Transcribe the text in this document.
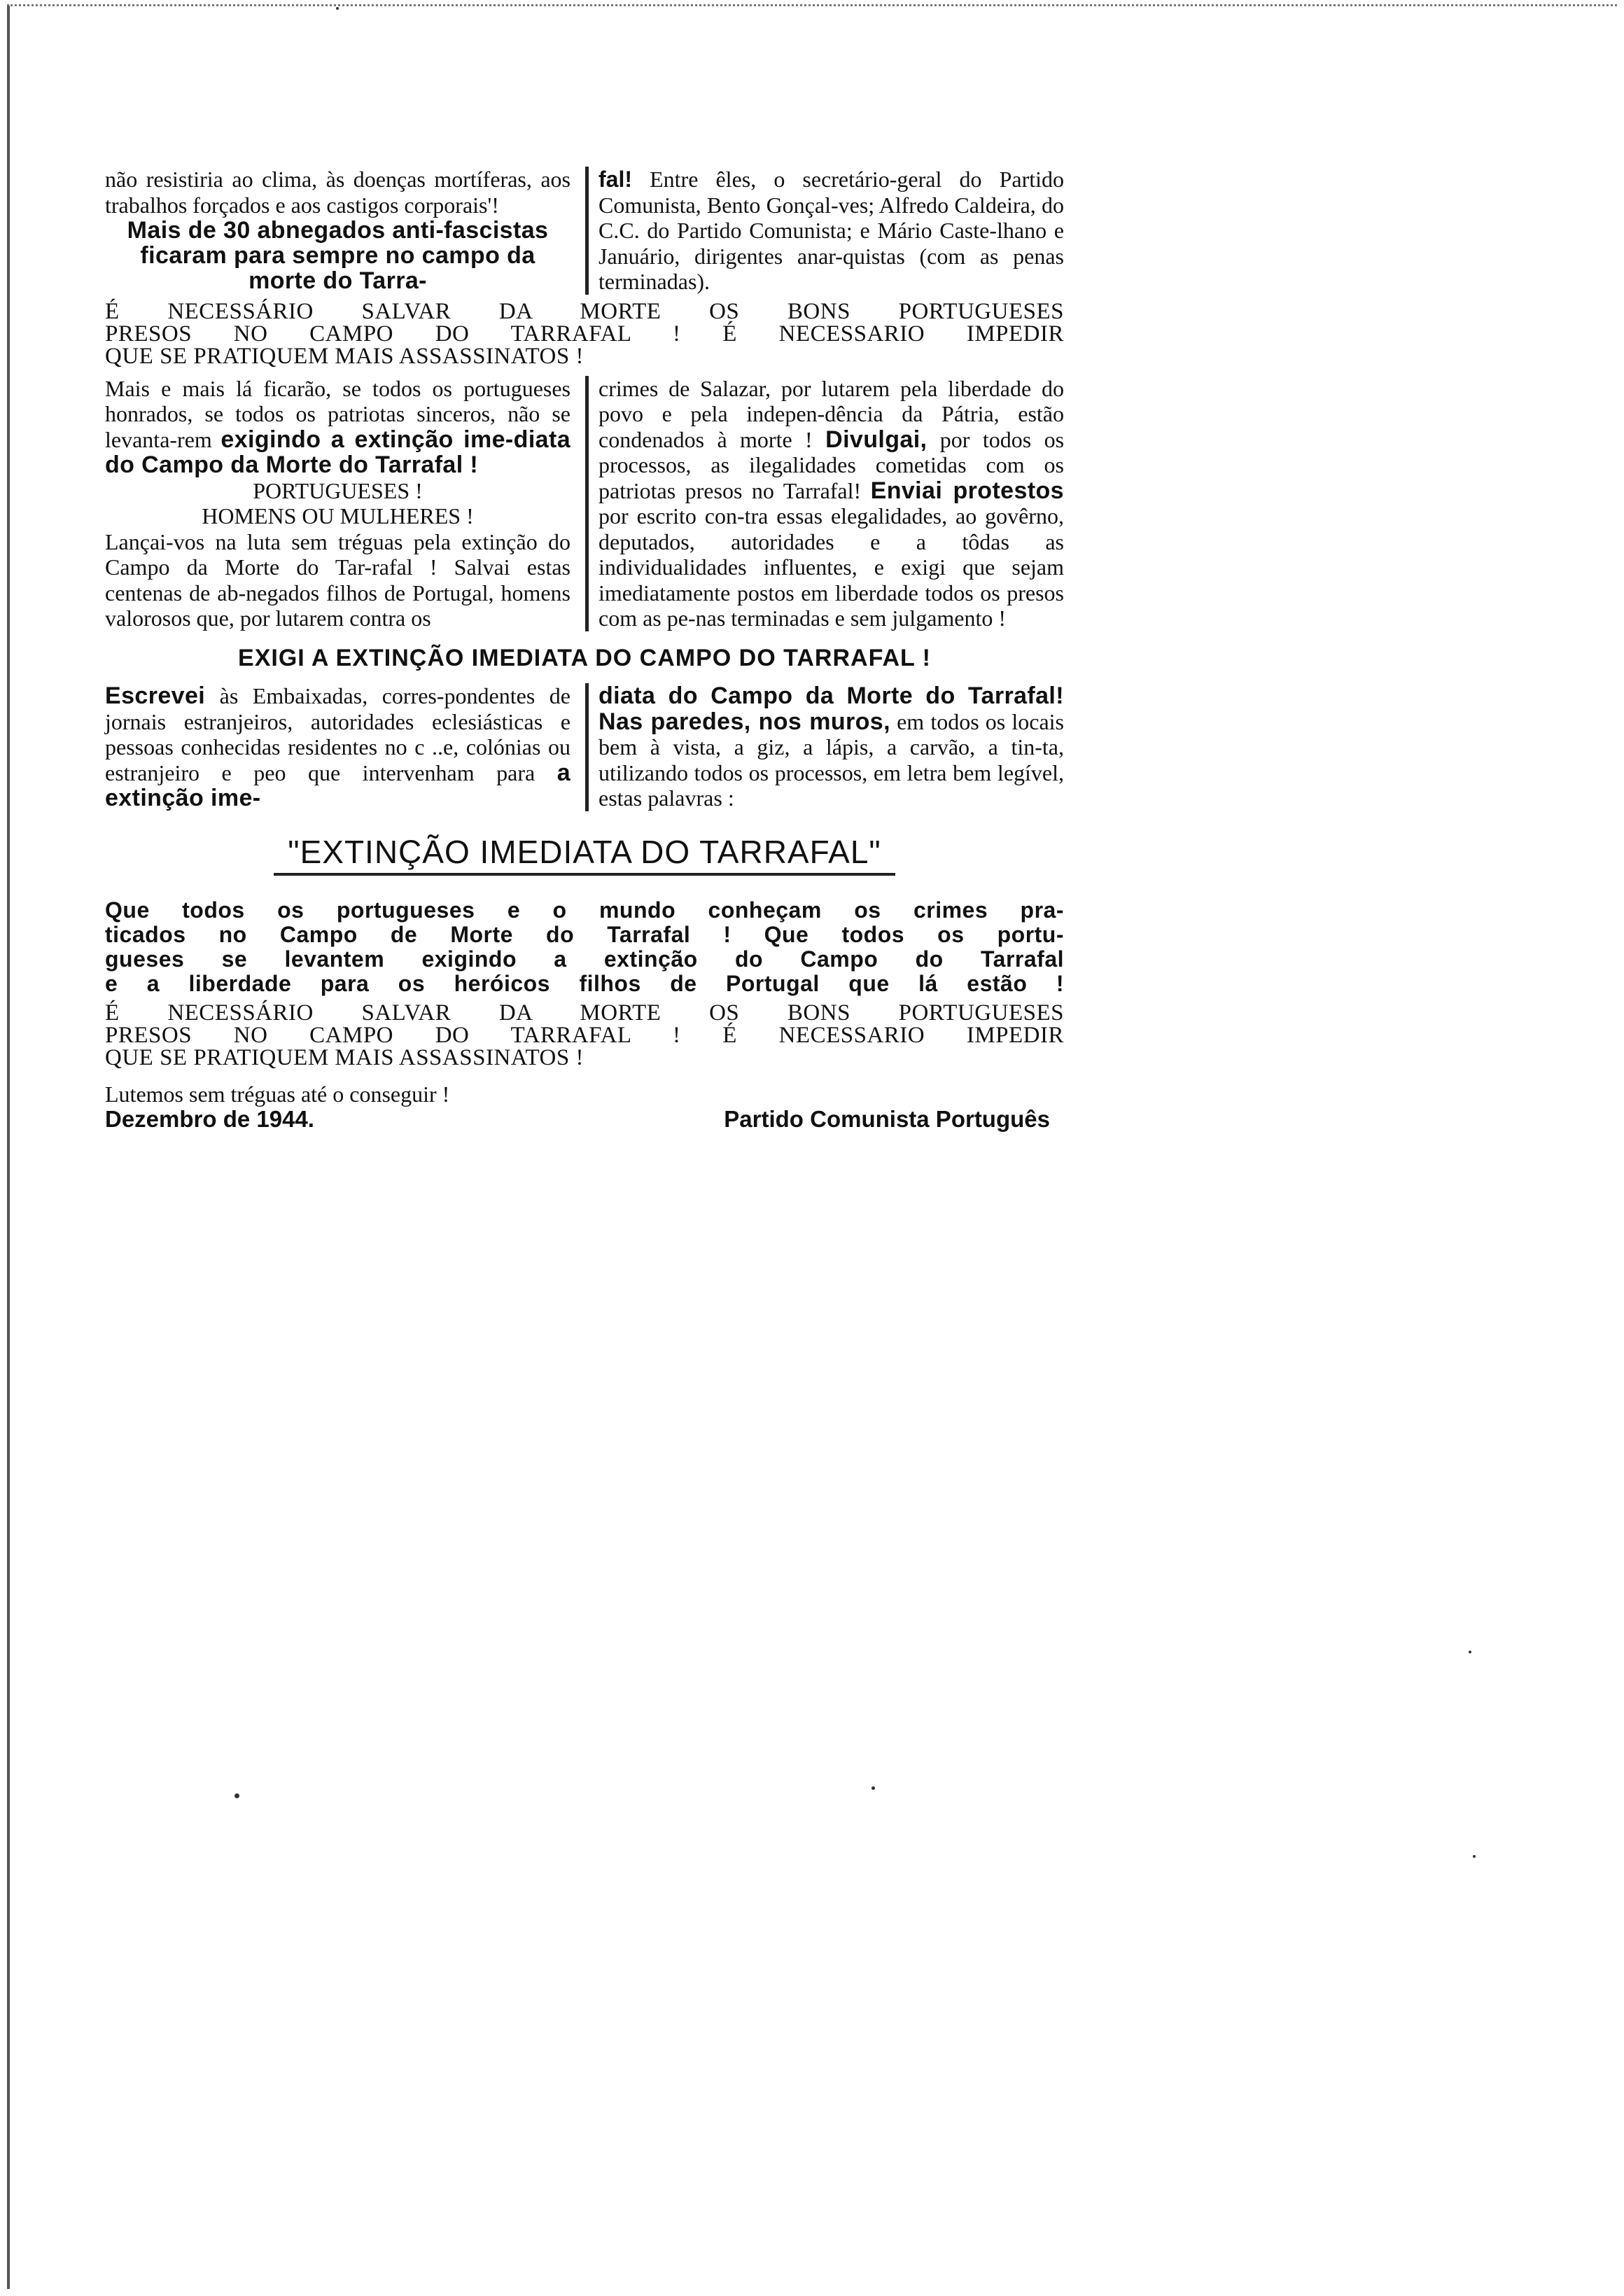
não resistiria ao clima, às doenças mortíferas, aos trabalhos forçados e aos castigos corporais'!

Mais de 30 abnegados anti-fascistas ficaram para sempre no campo da morte do Tarra-

fal! Entre êles, o secretário-geral do Partido Comunista, Bento Gonçal-ves; Alfredo Caldeira, do C.C. do Partido Comunista; e Mário Caste-lhano e Januário, dirigentes anar-quistas (com as penas terminadas).

É NECESSÁRIO SALVAR DA MORTE OS BONS PORTUGUESES
PRESOS NO CAMPO DO TARRAFAL ! É NECESSARIO IMPEDIR
QUE SE PRATIQUEM MAIS ASSASSINATOS !

Mais e mais lá ficarão, se todos os portugueses honrados, se todos os patriotas sinceros, não se levanta-rem exigindo a extinção ime-diata do Campo da Morte do Tarrafal !

PORTUGUESES !

HOMENS OU MULHERES !

Lançai-vos na luta sem tréguas pela extinção do Campo da Morte do Tar-rafal ! Salvai estas centenas de ab-negados filhos de Portugal, homens valorosos que, por lutarem contra os

crimes de Salazar, por lutarem pela liberdade do povo e pela indepen-dência da Pátria, estão condenados à morte ! Divulgai, por todos os processos, as ilegalidades cometidas com os patriotas presos no Tarrafal! Enviai protestos por escrito con-tra essas elegalidades, ao govêrno, deputados, autoridades e a tôdas as individualidades influentes, e exigi que sejam imediatamente postos em liberdade todos os presos com as pe-nas terminadas e sem julgamento !

EXIGI A EXTINÇÃO IMEDIATA DO CAMPO DO TARRAFAL !

Escrevei às Embaixadas, corres-pondentes de jornais estranjeiros, autoridades eclesiásticas e pessoas conhecidas residentes no c ..e, colónias ou estranjeiro e peo que intervenham para a extinção ime-

diata do Campo da Morte do Tarrafal! Nas paredes, nos muros, em todos os locais bem à vista, a giz, a lápis, a carvão, a tin-ta, utilizando todos os processos, em letra bem legível, estas palavras :

"EXTINÇÃO IMEDIATA DO TARRAFAL"
Que todos os portugueses e o mundo conheçam os crimes pra-
ticados no Campo de Morte do Tarrafal ! Que todos os portu-
gueses se levantem exigindo a extinção do Campo do Tarrafal
e a liberdade para os heróicos filhos de Portugal que lá estão !
É NECESSÁRIO SALVAR DA MORTE OS BONS PORTUGUESES
PRESOS NO CAMPO DO TARRAFAL ! É NECESSARIO IMPEDIR
QUE SE PRATIQUEM MAIS ASSASSINATOS !
Lutemos sem tréguas até o conseguir !
Dezembro de 1944.	Partido Comunista Português
